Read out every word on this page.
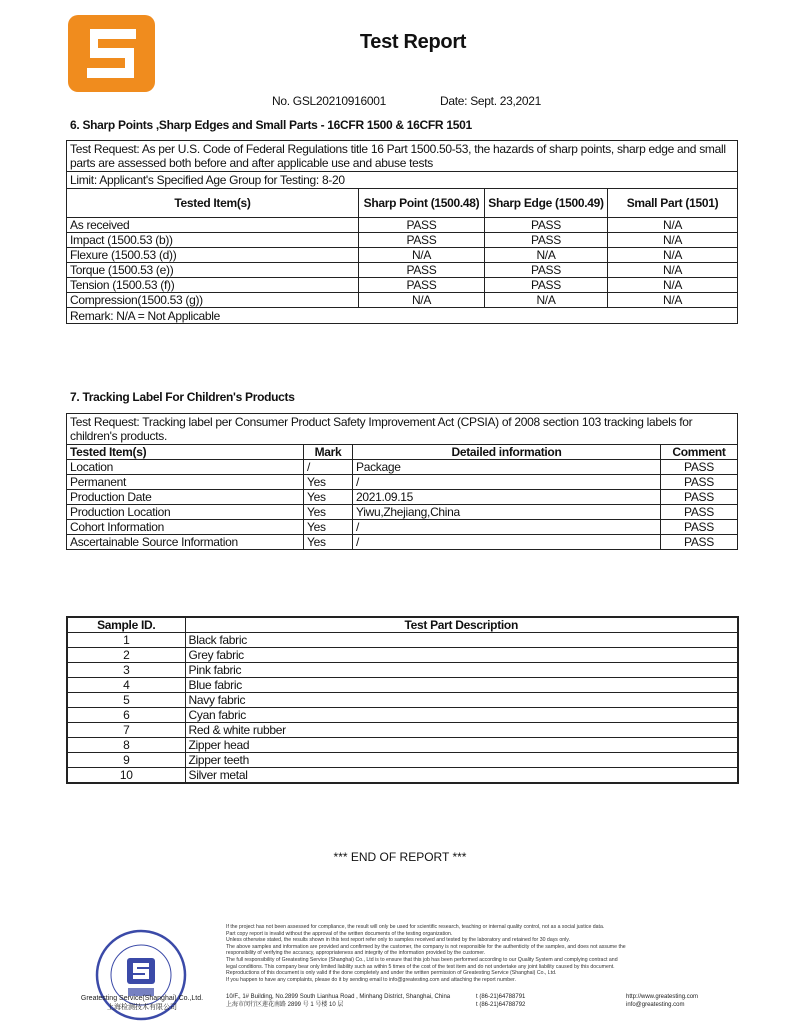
Test Report
No. GSL20210916001	Date: Sept. 23,2021
6. Sharp Points ,Sharp Edges and Small Parts - 16CFR 1500 & 16CFR 1501
Test Request: As per U.S. Code of Federal Regulations title 16 Part 1500.50-53, the hazards of sharp points, sharp edge and small parts are assessed both before and after applicable use and abuse tests			
Limit: Applicant's Specified Age Group for Testing: 8-20			
Tested Item(s)	Sharp Point (1500.48)	Sharp Edge (1500.49)	Small Part (1501)
As received	PASS	PASS	N/A
Impact (1500.53 (b))	PASS	PASS	N/A
Flexure (1500.53 (d))	N/A	N/A	N/A
Torque (1500.53 (e))	PASS	PASS	N/A
Tension (1500.53 (f))	PASS	PASS	N/A
Compression(1500.53 (g))	N/A	N/A	N/A
Remark: N/A = Not Applicable			
7. Tracking Label For Children's Products
Test Request: Tracking label per Consumer Product Safety Improvement Act (CPSIA) of 2008 section 103 tracking labels for children's products.			
Tested Item(s)	Mark	Detailed information	Comment
Location	/	Package	PASS
Permanent	Yes	/	PASS
Production Date	Yes	2021.09.15	PASS
Production Location	Yes	Yiwu,Zhejiang,China	PASS
Cohort Information	Yes	/	PASS
Ascertainable Source Information	Yes	/	PASS
Sample ID.	Test Part Description
1	Black fabric
2	Grey fabric
3	Pink fabric
4	Blue fabric
5	Navy fabric
6	Cyan fabric
7	Red & white rubber
8	Zipper head
9	Zipper teeth
10	Silver metal
*** END OF REPORT ***
Greatesting Service(Shanghai) Co.,Ltd.
上海检测技术有限公司
If the project has not been assessed for compliance, the result will only be used for scientific research, teaching or internal quality control, not as a social justice data.
Part copy report is invalid without the approval of the written documents of the testing organization.
Unless otherwise stated, the results shown in this test report refer only to samples received and tested by the laboratory and retained for 30 days only.
The above samples and information are provided and confirmed by the customer, the company is not responsible for the authenticity of the samples, and does not assume the
responsibility of verifying the accuracy, appropriateness and integrity of the information provided by the customer.
The full responsibility of Greatesting Service (Shanghai) Co., Ltd is to ensure that this job has been performed according to our Quality System and complying contract and
legal conditions. This company bear only limited liability such as within 5 times of the cost of the test item and do not undertake any joint liability caused by this document.
Reproductions of this document is only valid if the done completely and under the written permission of Greatesting Service (Shanghai) Co., Ltd.
If you happen to have any complaints, please do it by sending email to info@greatesting.com and attaching the report number.
10/F., 1# Building, No.2899 South Lianhua Road , Minhang District, Shanghai, China	t (86-21)64788791	http://www.greatesting.com
上海市闵行区莲花南路 2899 号 1 号楼 10 层	t (86-21)64788792	info@greatesting.com
